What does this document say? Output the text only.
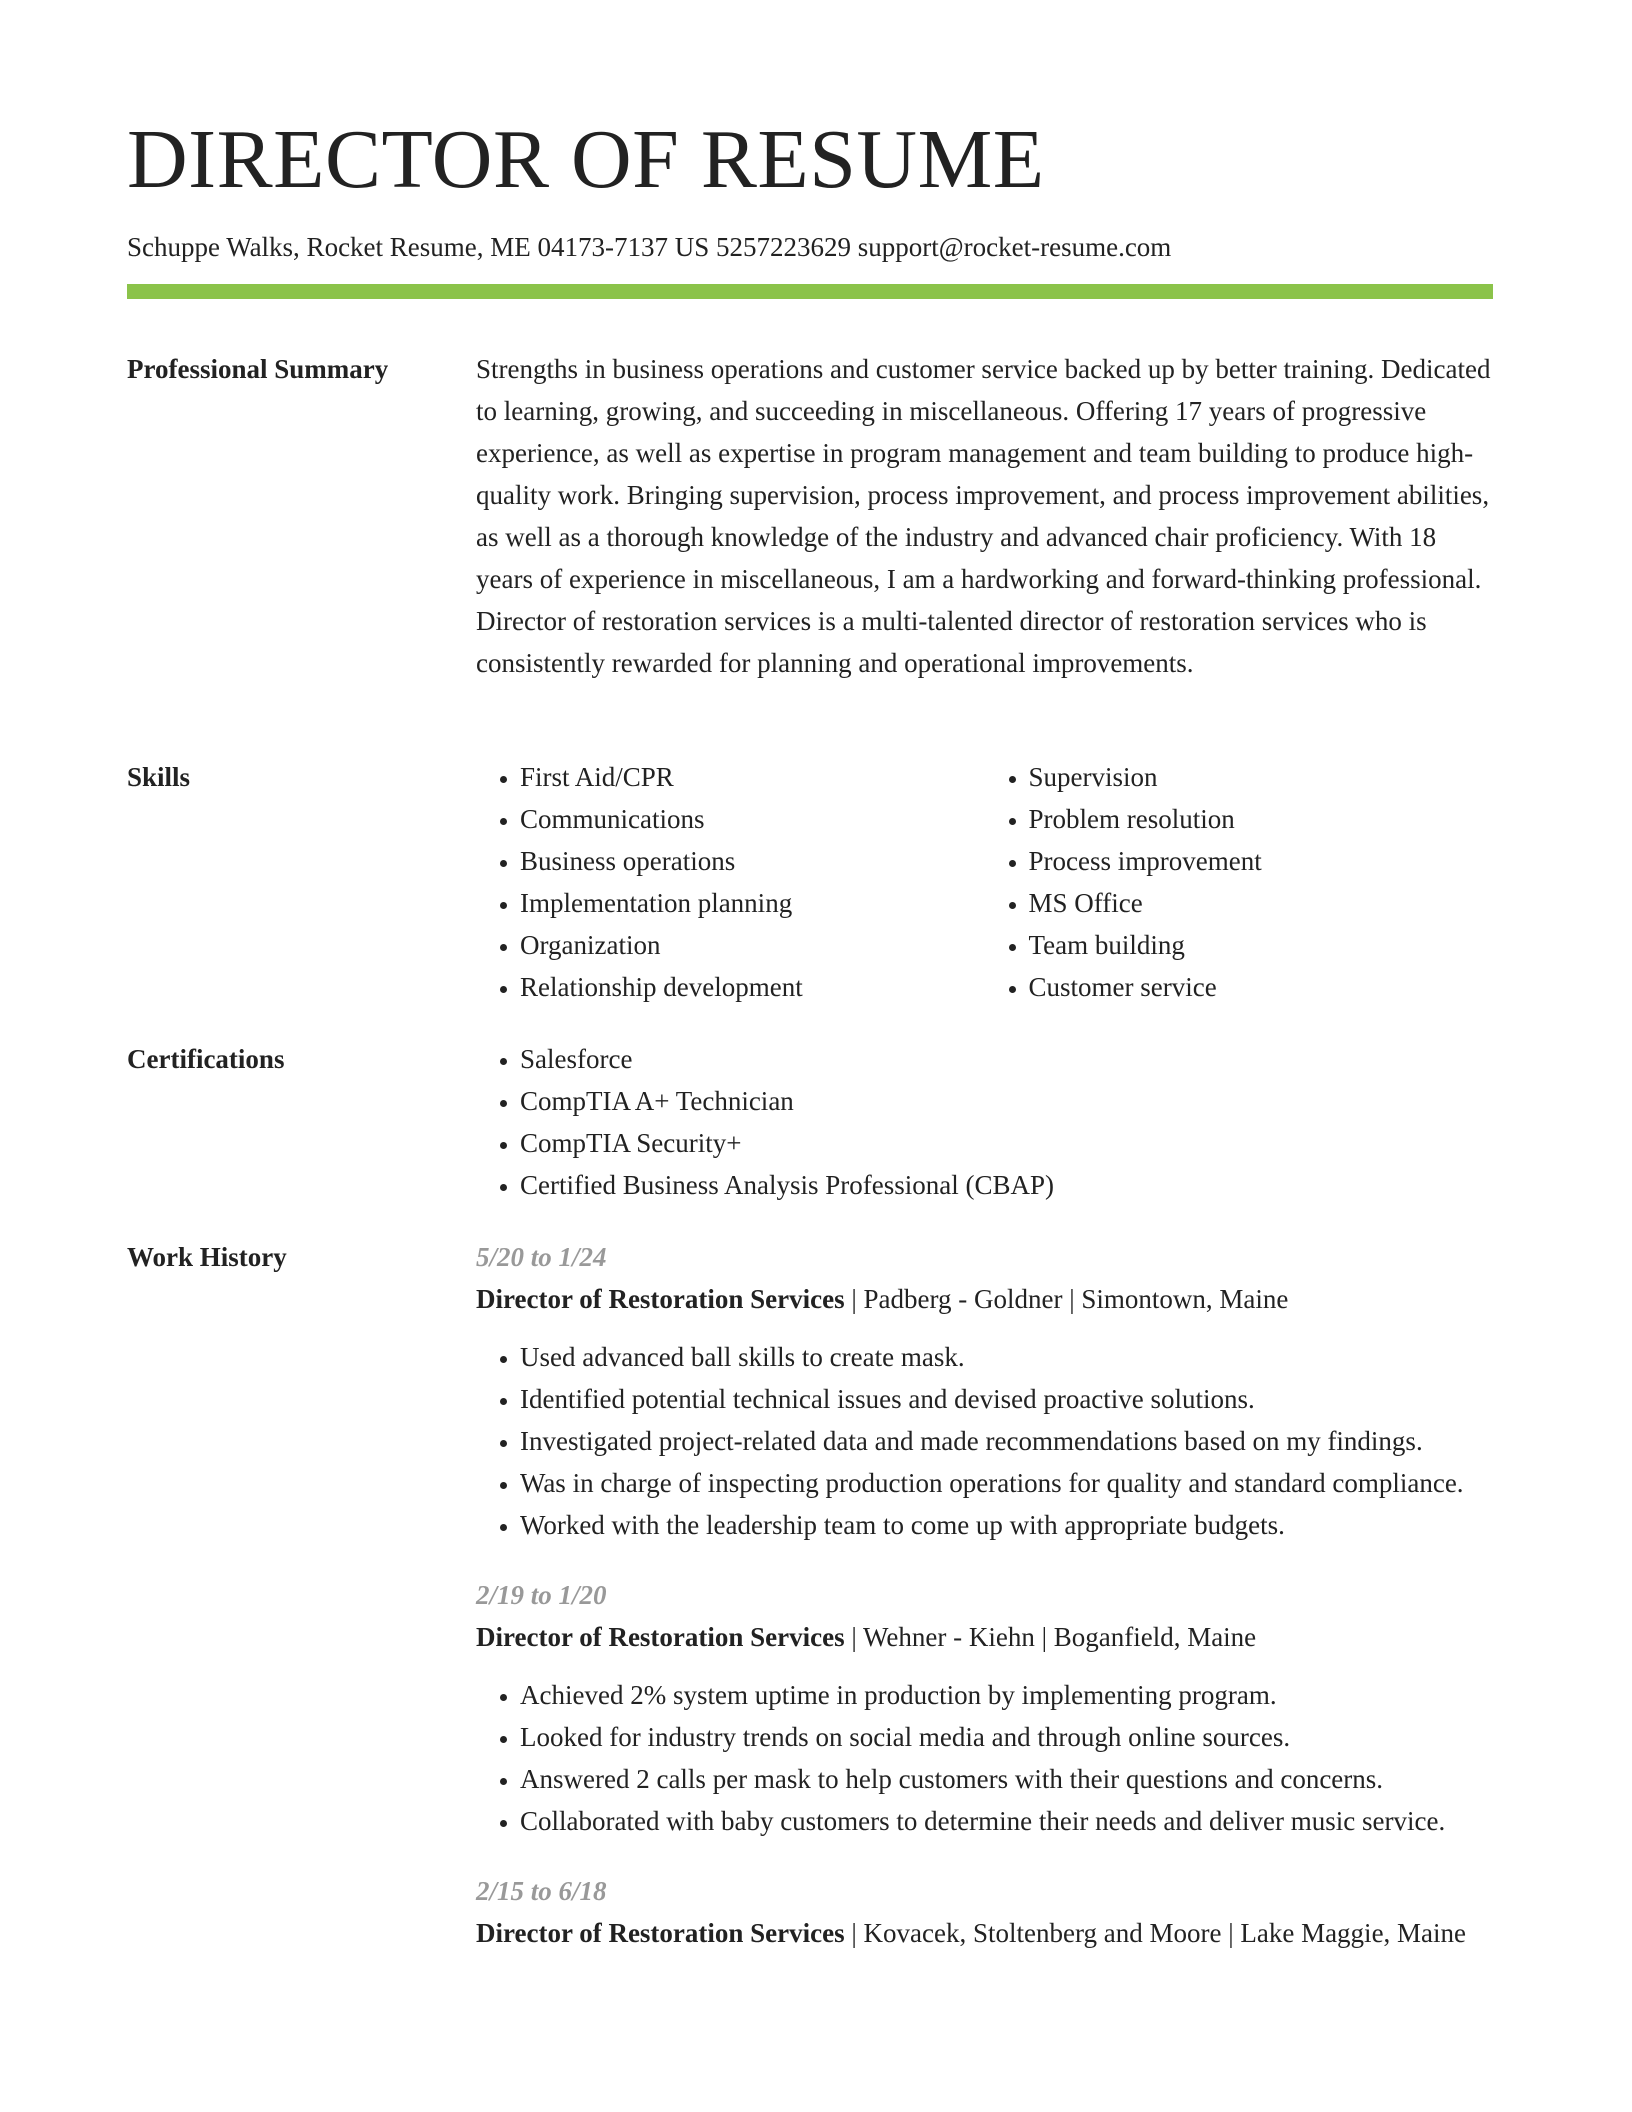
DIRECTOR OF RESUME
Schuppe Walks, Rocket Resume, ME 04173-7137 US 5257223629 support@rocket-resume.com
Professional Summary	Strengths in business operations and customer service backed up by better training. Dedicated to learning, growing, and succeeding in miscellaneous. Offering 17 years of progressive experience, as well as expertise in program management and team building to produce high-quality work. Bringing supervision, process improvement, and process improvement abilities, as well as a thorough knowledge of the industry and advanced chair proficiency. With 18 years of experience in miscellaneous, I am a hardworking and forward-thinking professional. Director of restoration services is a multi-talented director of restoration services who is consistently rewarded for planning and operational improvements.

Skills	• First Aid/CPR
• Communications
• Business operations
• Implementation planning
• Organization
• Relationship development
• Supervision
• Problem resolution
• Process improvement
• MS Office
• Team building
• Customer service
Certifications	• Salesforce
• CompTIA A+ Technician
• CompTIA Security+
• Certified Business Analysis Professional (CBAP)
Work History	5/20 to 1/24
Director of Restoration Services | Padberg - Goldner | Simontown, Maine
• Used advanced ball skills to create mask.
• Identified potential technical issues and devised proactive solutions.
• Investigated project-related data and made recommendations based on my findings.
• Was in charge of inspecting production operations for quality and standard compliance.
• Worked with the leadership team to come up with appropriate budgets.
2/19 to 1/20
Director of Restoration Services | Wehner - Kiehn | Boganfield, Maine
• Achieved 2% system uptime in production by implementing program.
• Looked for industry trends on social media and through online sources.
• Answered 2 calls per mask to help customers with their questions and concerns.
• Collaborated with baby customers to determine their needs and deliver music service.
2/15 to 6/18
Director of Restoration Services | Kovacek, Stoltenberg and Moore | Lake Maggie, Maine
